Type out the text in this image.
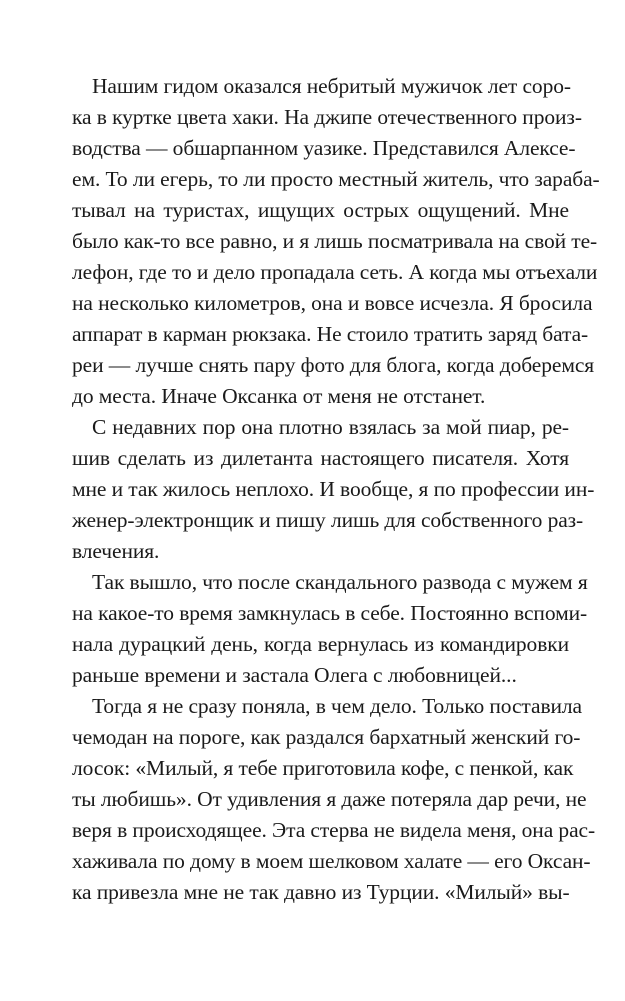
Нашим гидом оказался небритый мужичок лет соро-
ка в куртке цвета хаки. На джипе отечественного произ-
водства — обшарпанном уазике. Представился Алексе-
ем. То ли егерь, то ли просто местный житель, что зараба-
тывал на туристах, ищущих острых ощущений. Мне
было как-то все равно, и я лишь посматривала на свой те-
лефон, где то и дело пропадала сеть. А когда мы отъехали
на несколько километров, она и вовсе исчезла. Я бросила
аппарат в карман рюкзака. Не стоило тратить заряд бата-
реи — лучше снять пару фото для блога, когда доберемся
до места. Иначе Оксанка от меня не отстанет.
С недавних пор она плотно взялась за мой пиар, ре-
шив сделать из дилетанта настоящего писателя. Хотя
мне и так жилось неплохо. И вообще, я по профессии ин-
женер-электронщик и пишу лишь для собственного раз-
влечения.
Так вышло, что после скандального развода с мужем я
на какое-то время замкнулась в себе. Постоянно вспоми-
нала дурацкий день, когда вернулась из командировки
раньше времени и застала Олега с любовницей...
Тогда я не сразу поняла, в чем дело. Только поставила
чемодан на пороге, как раздался бархатный женский го-
лосок: «Милый, я тебе приготовила кофе, с пенкой, как
ты любишь». От удивления я даже потеряла дар речи, не
веря в происходящее. Эта стерва не видела меня, она рас-
хаживала по дому в моем шелковом халате — его Оксан-
ка привезла мне не так давно из Турции. «Милый» вы-
